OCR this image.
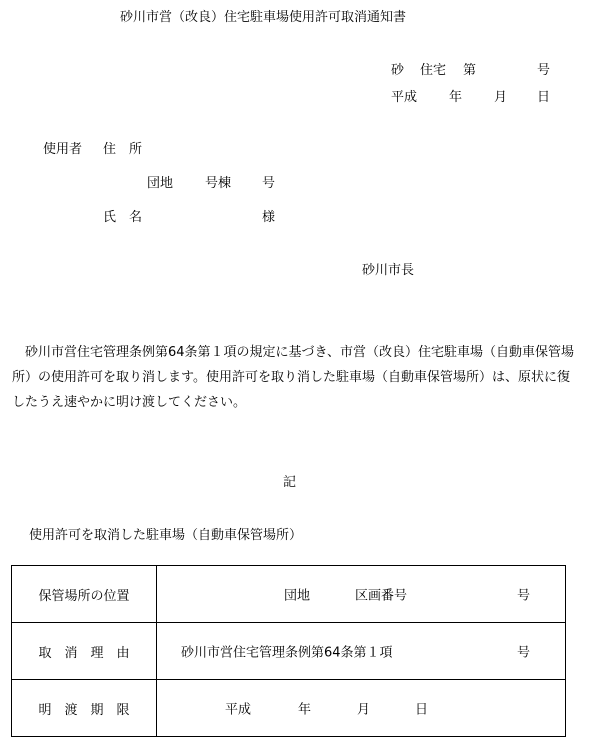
砂川市営（改良）住宅駐車場使用許可取消通知書
砂 住宅 第	号
平成 年 月 日
使用者 住　所
団地 号棟 号
氏　名	様
砂川市長
　砂川市営住宅管理条例第64条第１項の規定に基づき、市営（改良）住宅駐車場（自動車保管場所）の使用許可を取り消します。使用許可を取り消した駐車場（自動車保管場所）は、原状に復したうえ速やかに明け渡してください。
記
使用許可を取消した駐車場（自動車保管場所）
保管場所の位置	団地 区画番号 号

取　消　理　由	砂川市営住宅管理条例第64条第１項 号

明　渡　期　限	平成 年 月 日
